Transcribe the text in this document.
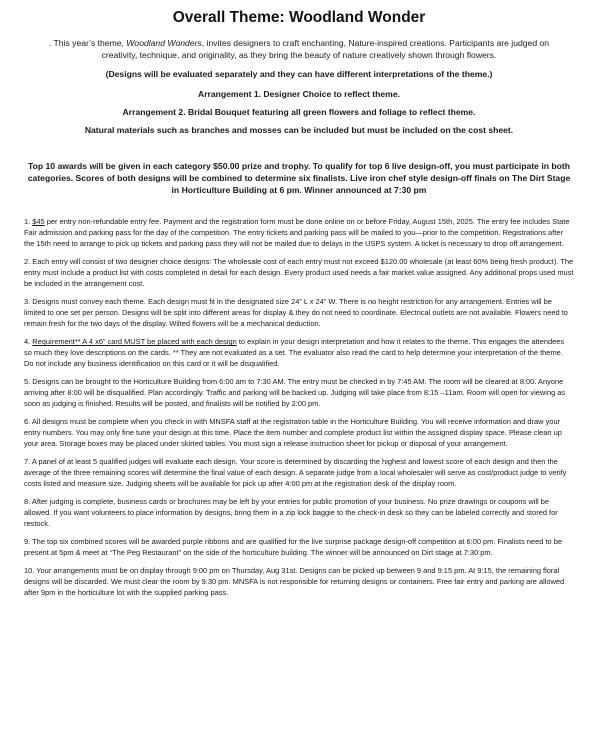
Overall Theme: Woodland Wonder

. This year’s theme, Woodland Wonders, invites designers to craft enchanting, Nature-inspired creations. Participants are judged on creativity, technique, and originality, as they bring the beauty of nature creatively shown through flowers.

(Designs will be evaluated separately and they can have different interpretations of the theme.)

Arrangement 1. Designer Choice to reflect theme.

Arrangement 2. Bridal Bouquet featuring all green flowers and foliage to reflect theme.

Natural materials such as branches and mosses can be included but must be included on the cost sheet.

Top 10 awards will be given in each category $50.00 prize and trophy. To qualify for top 6 live design-off, you must participate in both categories. Scores of both designs will be combined to determine six finalists. Live iron chef style design-off finals on The Dirt Stage in Horticulture Building at 6 pm. Winner announced at 7:30 pm

1. $45 per entry non-refundable entry fee. Payment and the registration form must be done online on or before Friday, August 15th, 2025. The entry fee includes State Fair admission and parking pass for the day of the competition. The entry tickets and parking pass will be mailed to you—prior to the competition. Registrations after the 15th need to arrange to pick up tickets and parking pass they will not be mailed due to delays in the USPS system. A ticket is necessary to drop off arrangement.

2. Each entry will consist of two designer choice designs: The wholesale cost of each entry must not exceed $120.00 wholesale (at least 60% being fresh product). The entry must include a product list with costs completed in detail for each design. Every product used needs a fair market value assigned. Any additional props used must be included in the arrangement cost.

3. Designs must convey each theme. Each design must fit in the designated size 24” L x 24” W. There is no height restriction for any arrangement. Entries will be limited to one set per person. Designs will be split into different areas for display & they do not need to coordinate. Electrical outlets are not available. Flowers need to remain fresh for the two days of the display. Wilted flowers will be a mechanical deduction.

4. Requirement** A 4 x6” card MUST be placed with each design to explain in your design interpretation and how it relates to the theme. This engages the attendees so much they love descriptions on the cards. ** They are not evaluated as a set. The evaluator also read the card to help determine your interpretation of the theme. Do not include any business identification on this card or it will be disqualified.

5. Designs can be brought to the Horticulture Building from 6:00 am to 7:30 AM. The entry must be checked in by 7:45 AM. The room will be cleared at 8:00. Anyone arriving after 8:00 will be disqualified. Plan accordingly. Traffic and parking will be backed up. Judging will take place from 8:15 –11am. Room will open for viewing as soon as judging is finished. Results will be posted, and finalists will be notified by 2:00 pm.

6. All designs must be complete when you check in with MNSFA staff at the registration table in the Horticulture Building. You will receive information and draw your entry numbers. You may only fine tune your design at this time. Place the item number and complete product list within the assigned display space. Please clean up your area. Storage boxes may be placed under skirted tables. You must sign a release instruction sheet for pickup or disposal of your arrangement.

7. A panel of at least 5 qualified judges will evaluate each design. Your score is determined by discarding the highest and lowest score of each design and then the average of the three remaining scores will determine the final value of each design. A separate judge from a local wholesaler will serve as cost/product judge to verify costs listed and measure size. Judging sheets will be available for pick up after 4:00 pm at the registration desk of the display room.

8. After judging is complete, business cards or brochures may be left by your entries for public promotion of your business. No prize drawings or coupons will be allowed. If you want volunteers to place information by designs, bring them in a zip lock baggie to the check-in desk so they can be labeled correctly and stored for restock.

9. The top six combined scores will be awarded purple ribbons and are qualified for the live surprise package design-off competition at 6:00 pm. Finalists need to be present at 5pm & meet at “The Peg Restaurant” on the side of the horticulture building. The winner will be announced on Dirt stage at 7:30 pm.

10. Your arrangements must be on display through 9:00 pm on Thursday, Aug 31st. Designs can be picked up between 9 and 9:15 pm. At 9:15, the remaining floral designs will be discarded. We must clear the room by 9:30 pm. MNSFA is not responsible for returning designs or containers. Free fair entry and parking are allowed after 9pm in the horticulture lot with the supplied parking pass.
